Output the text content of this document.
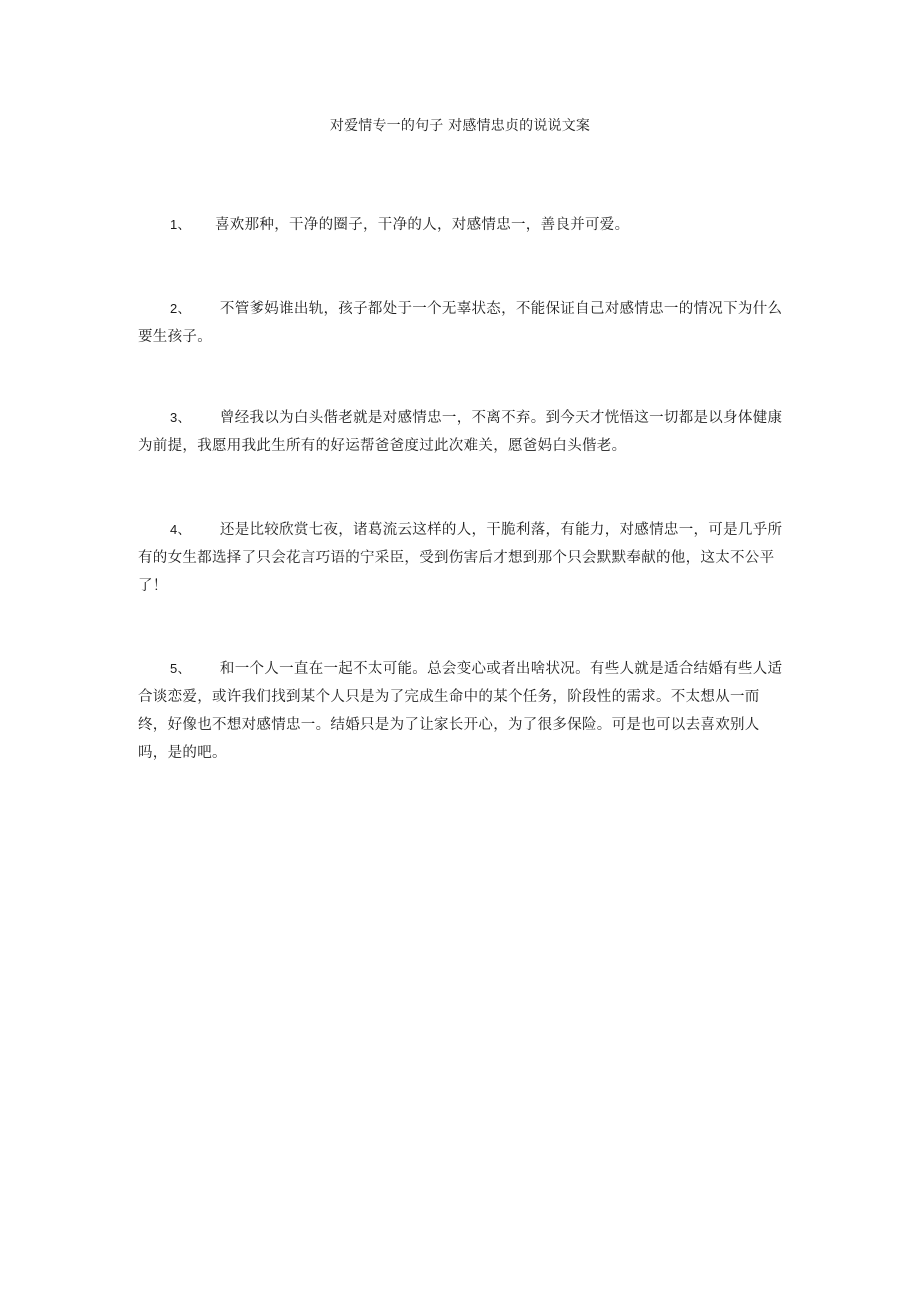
对爱情专一的句子 对感情忠贞的说说文案
1、 喜欢那种，干净的圈子，干净的人，对感情忠一，善良并可爱。
2、 不管爹妈谁出轨，孩子都处于一个无辜状态，不能保证自己对感情忠一的情况下为什么要生孩子。
3、 曾经我以为白头偕老就是对感情忠一，不离不弃。到今天才恍悟这一切都是以身体健康为前提，我愿用我此生所有的好运帮爸爸度过此次难关，愿爸妈白头偕老。
4、 还是比较欣赏七夜，诸葛流云这样的人，干脆利落，有能力，对感情忠一，可是几乎所有的女生都选择了只会花言巧语的宁采臣，受到伤害后才想到那个只会默默奉献的他，这太不公平了！
5、 和一个人一直在一起不太可能。总会变心或者出啥状况。有些人就是适合结婚有些人适合谈恋爱，或许我们找到某个人只是为了完成生命中的某个任务，阶段性的需求。不太想从一而终，好像也不想对感情忠一。结婚只是为了让家长开心，为了很多保险。可是也可以去喜欢别人吗，是的吧。
